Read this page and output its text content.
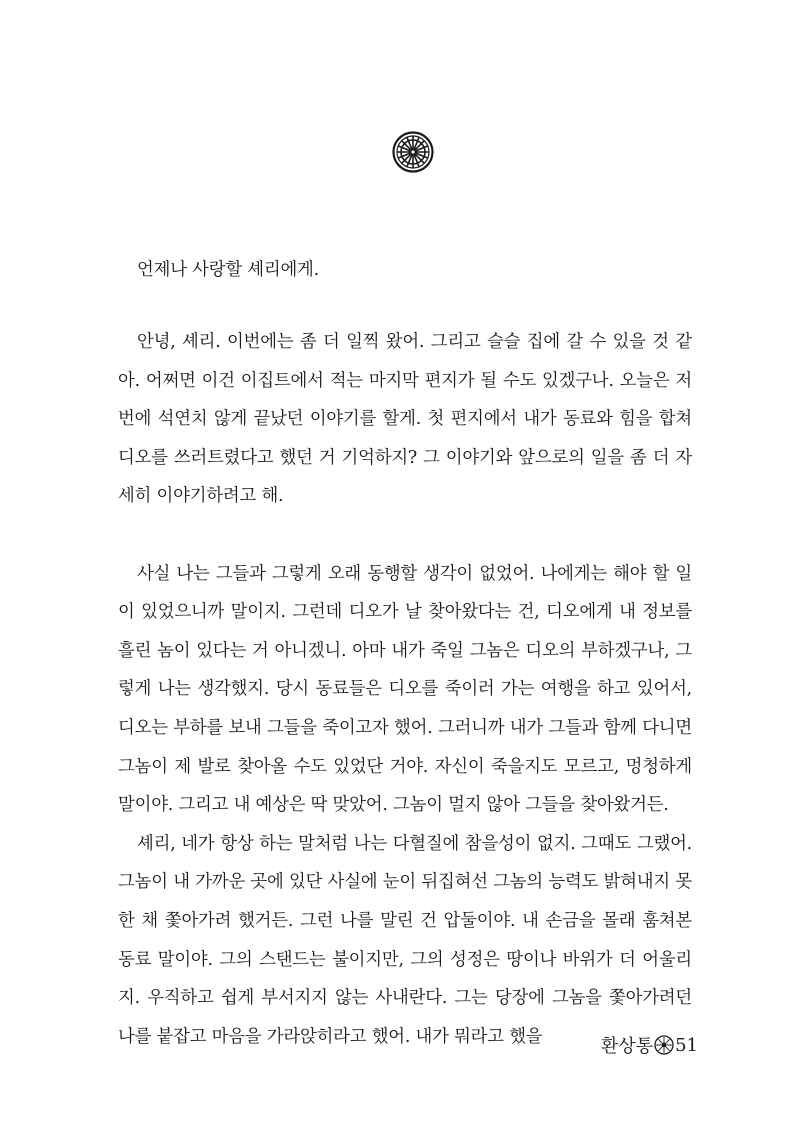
언제나 사랑할 셰리에게.

안녕, 셰리. 이번에는 좀 더 일찍 왔어. 그리고 슬슬 집에 갈 수 있을 것 같아. 어쩌면 이건 이집트에서 적는 마지막 편지가 될 수도 있겠구나. 오늘은 저번에 석연치 않게 끝났던 이야기를 할게. 첫 편지에서 내가 동료와 힘을 합쳐 디오를 쓰러트렸다고 했던 거 기억하지? 그 이야기와 앞으로의 일을 좀 더 자세히 이야기하려고 해.

사실 나는 그들과 그렇게 오래 동행할 생각이 없었어. 나에게는 해야 할 일이 있었으니까 말이지. 그런데 디오가 날 찾아왔다는 건, 디오에게 내 정보를 흘린 놈이 있다는 거 아니겠니. 아마 내가 죽일 그놈은 디오의 부하겠구나, 그렇게 나는 생각했지. 당시 동료들은 디오를 죽이러 가는 여행을 하고 있어서, 디오는 부하를 보내 그들을 죽이고자 했어. 그러니까 내가 그들과 함께 다니면 그놈이 제 발로 찾아올 수도 있었단 거야. 자신이 죽을지도 모르고, 멍청하게 말이야. 그리고 내 예상은 딱 맞았어. 그놈이 멀지 않아 그들을 찾아왔거든.

셰리, 네가 항상 하는 말처럼 나는 다혈질에 참을성이 없지. 그때도 그랬어. 그놈이 내 가까운 곳에 있단 사실에 눈이 뒤집혀선 그놈의 능력도 밝혀내지 못한 채 쫓아가려 했거든. 그런 나를 말린 건 압둘이야. 내 손금을 몰래 훔쳐본 동료 말이야. 그의 스탠드는 불이지만, 그의 성정은 땅이나 바위가 더 어울리지. 우직하고 쉽게 부서지지 않는 사내란다. 그는 당장에 그놈을 쫓아가려던 나를 붙잡고 마음을 가라앉히라고 했어. 내가 뭐라고 했을	환상통 51
